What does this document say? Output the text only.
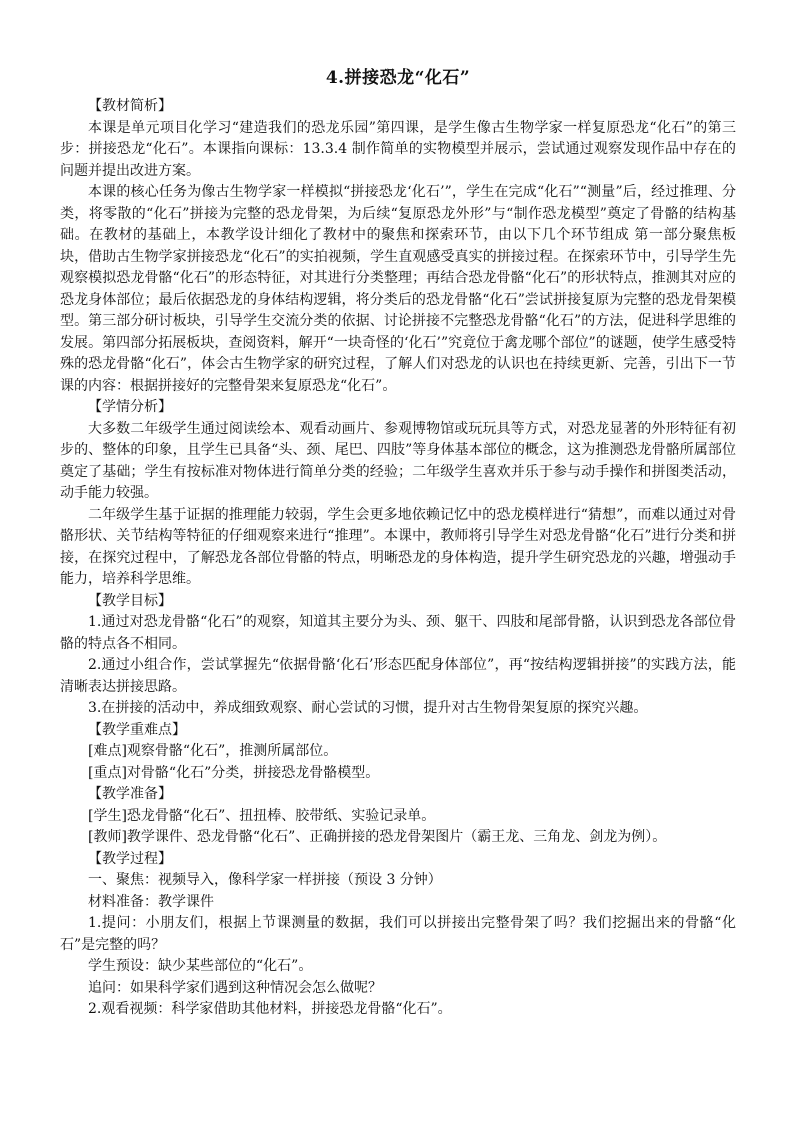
4.拼接恐龙“化石”

【教材简析】

本课是单元项目化学习“建造我们的恐龙乐园”第四课，是学生像古生物学家一样复原恐龙“化石”的第三步：拼接恐龙“化石”。本课指向课标：13.3.4 制作简单的实物模型并展示，尝试通过观察发现作品中存在的问题并提出改进方案。

本课的核心任务为像古生物学家一样模拟“拼接恐龙‘化石’”，学生在完成“化石”“测量”后，经过推理、分类，将零散的“化石”拼接为完整的恐龙骨架，为后续“复原恐龙外形”与“制作恐龙模型”奠定了骨骼的结构基础。在教材的基础上，本教学设计细化了教材中的聚焦和探索环节，由以下几个环节组成 第一部分聚焦板块，借助古生物学家拼接恐龙“化石”的实拍视频，学生直观感受真实的拼接过程。在探索环节中，引导学生先观察模拟恐龙骨骼“化石”的形态特征，对其进行分类整理；再结合恐龙骨骼“化石”的形状特点，推测其对应的恐龙身体部位；最后依据恐龙的身体结构逻辑，将分类后的恐龙骨骼“化石”尝试拼接复原为完整的恐龙骨架模型。第三部分研讨板块，引导学生交流分类的依据、讨论拼接不完整恐龙骨骼“化石”的方法，促进科学思维的发展。第四部分拓展板块，查阅资料，解开“一块奇怪的‘化石’”究竟位于禽龙哪个部位”的谜题，使学生感受特殊的恐龙骨骼“化石”，体会古生物学家的研究过程，了解人们对恐龙的认识也在持续更新、完善，引出下一节课的内容：根据拼接好的完整骨架来复原恐龙“化石”。

【学情分析】

大多数二年级学生通过阅读绘本、观看动画片、参观博物馆或玩玩具等方式，对恐龙显著的外形特征有初步的、整体的印象，且学生已具备“头、颈、尾巴、四肢”等身体基本部位的概念，这为推测恐龙骨骼所属部位奠定了基础；学生有按标准对物体进行简单分类的经验；二年级学生喜欢并乐于参与动手操作和拼图类活动，动手能力较强。

二年级学生基于证据的推理能力较弱，学生会更多地依赖记忆中的恐龙模样进行“猜想”，而难以通过对骨骼形状、关节结构等特征的仔细观察来进行“推理”。本课中，教师将引导学生对恐龙骨骼“化石”进行分类和拼接，在探究过程中，了解恐龙各部位骨骼的特点，明晰恐龙的身体构造，提升学生研究恐龙的兴趣，增强动手能力，培养科学思维。

【教学目标】

1.通过对恐龙骨骼“化石”的观察，知道其主要分为头、颈、躯干、四肢和尾部骨骼，认识到恐龙各部位骨骼的特点各不相同。

2.通过小组合作，尝试掌握先“依据骨骼‘化石’形态匹配身体部位”，再“按结构逻辑拼接”的实践方法，能清晰表达拼接思路。

3.在拼接的活动中，养成细致观察、耐心尝试的习惯，提升对古生物骨架复原的探究兴趣。

【教学重难点】

[难点]观察骨骼“化石”，推测所属部位。

[重点]对骨骼“化石”分类，拼接恐龙骨骼模型。

【教学准备】

[学生]恐龙骨骼“化石”、扭扭棒、胶带纸、实验记录单。

[教师]教学课件、恐龙骨骼“化石”、正确拼接的恐龙骨架图片（霸王龙、三角龙、剑龙为例）。

【教学过程】

一、聚焦：视频导入，像科学家一样拼接（预设 3 分钟）

材料准备：教学课件

1.提问：小朋友们，根据上节课测量的数据，我们可以拼接出完整骨架了吗？我们挖掘出来的骨骼“化石”是完整的吗？

学生预设：缺少某些部位的“化石”。

追问：如果科学家们遇到这种情况会怎么做呢？

2.观看视频：科学家借助其他材料，拼接恐龙骨骼“化石”。
